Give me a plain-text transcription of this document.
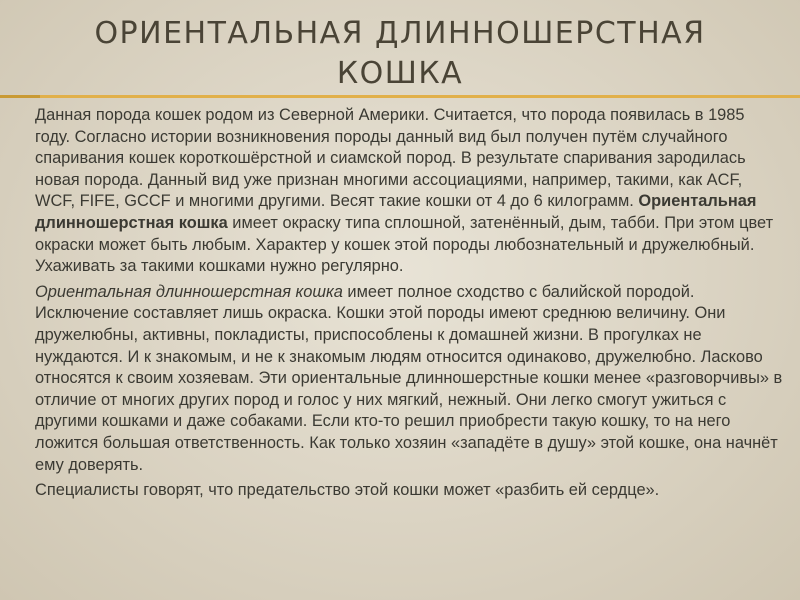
ОРИЕНТАЛЬНАЯ ДЛИННОШЕРСТНАЯ КОШКА

Данная порода кошек родом из Северной Америки. Считается, что порода появилась в 1985 году. Согласно истории возникновения породы данный вид был получен путём случайного спаривания кошек короткошёрстной и сиамской пород. В результате спаривания зародилась новая порода. Данный вид уже признан многими ассоциациями, например, такими, как ACF, WCF, FIFE, GCCF и многими другими. Весят такие кошки от 4 до 6 килограмм. Ориентальная длинношерстная кошка имеет окраску типа сплошной, затенённый, дым, табби. При этом цвет окраски может быть любым. Характер у кошек этой породы любознательный и дружелюбный. Ухаживать за такими кошками нужно регулярно.

Ориентальная длинношерстная кошка имеет полное сходство с балийской породой. Исключение составляет лишь окраска. Кошки этой породы имеют среднюю величину. Они дружелюбны, активны, покладисты, приспособлены к домашней жизни. В прогулках не нуждаются. И к знакомым, и не к знакомым людям относится одинаково, дружелюбно. Ласково относятся к своим хозяевам. Эти ориентальные длинношерстные кошки менее «разговорчивы» в отличие от многих других пород и голос у них мягкий, нежный. Они легко смогут ужиться с другими кошками и даже собаками. Если кто-то решил приобрести такую кошку, то на него ложится большая ответственность. Как только хозяин «западёте в душу» этой кошке, она начнёт ему доверять.

Специалисты говорят, что предательство этой кошки может «разбить ей сердце».
